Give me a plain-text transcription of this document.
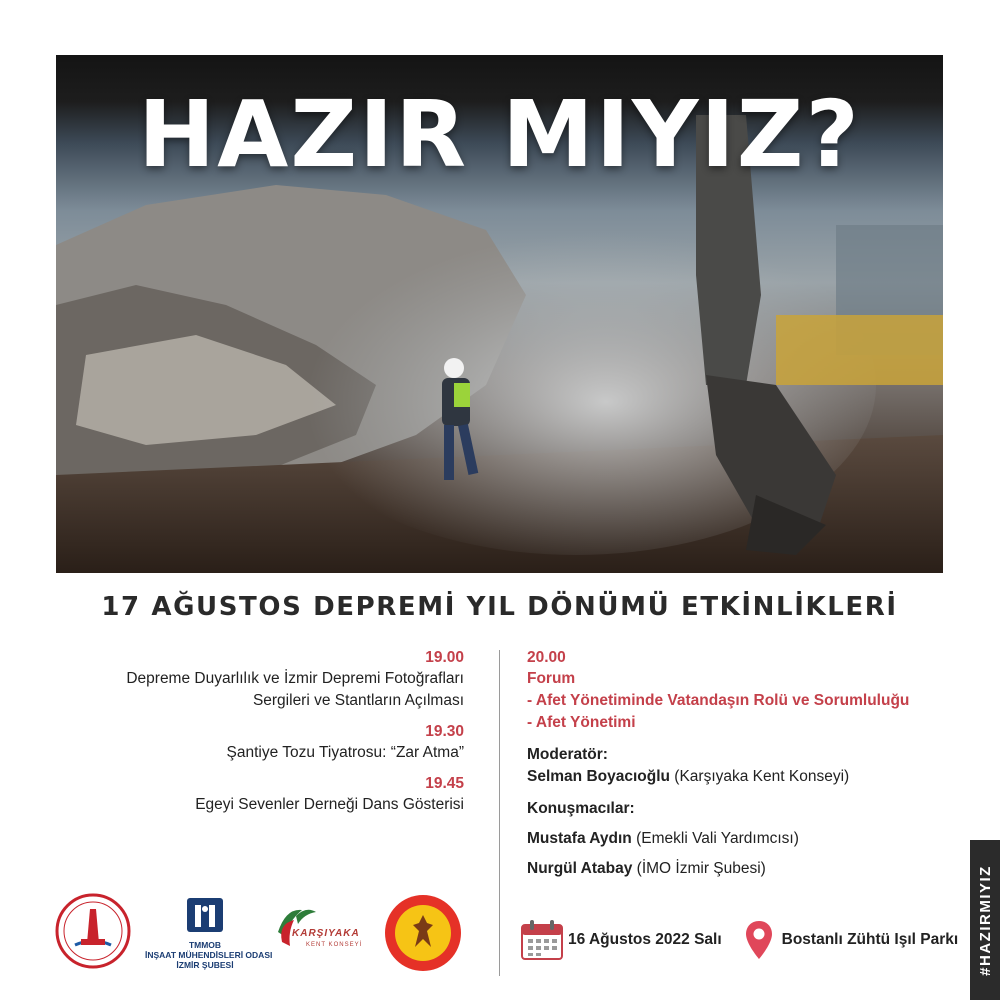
HAZIR MIYIZ?
17 AĞUSTOS DEPREMİ YIL DÖNÜMÜ ETKİNLİKLERİ
19.00
Depreme Duyarlılık ve İzmir Depremi Fotoğrafları
Sergileri ve Stantların Açılması
19.30
Şantiye Tozu Tiyatrosu: “Zar Atma”
19.45
Egeyi Sevenler Derneği Dans Gösterisi
20.00
Forum
- Afet Yönetiminde Vatandaşın Rolü ve Sorumluluğu
- Afet Yönetimi
Moderatör:
Selman Boyacıoğlu (Karşıyaka Kent Konseyi)
Konuşmacılar:
Mustafa Aydın (Emekli Vali Yardımcısı)
Nurgül Atabay (İMO İzmir Şubesi)
TMMOB
İNŞAAT MÜHENDİSLERİ ODASI
İZMİR ŞUBESİ
KARŞIYAKA
KENT KONSEYİ	16 Ağustos 2022 Salı	Bostanlı Zühtü Işıl Parkı #HAZIRMIYIZ
